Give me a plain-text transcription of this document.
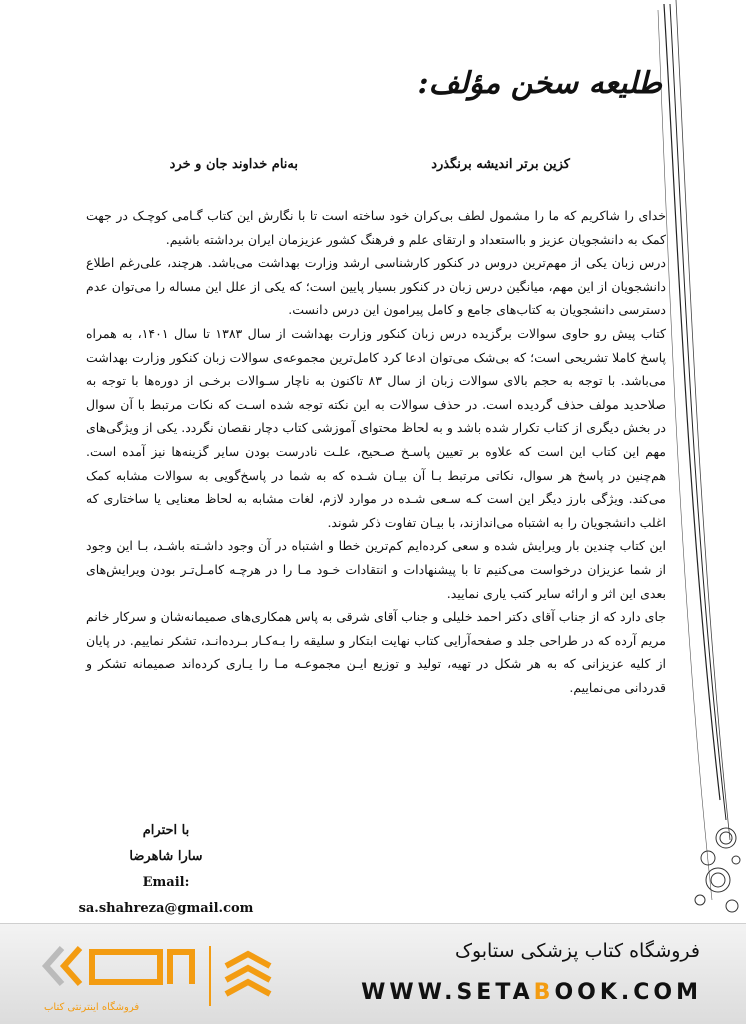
طلیعه سخن مؤلف:
کزین برتر اندیشه برنگذرد
به‌نام خداوند جان و خرد

خدای را شاکریم که ما را مشمول لطف بی‌کران خود ساخته است تا با نگارش این کتاب گـامی کوچـک در جهت کمک به دانشجویان عزیز و بااستعداد و ارتقای علم و فرهنگ کشور عزیزمان ایران برداشته باشیم.

درس زبان یکی از مهم‌ترین دروس در کنکور کارشناسی ارشد وزارت بهداشت می‌باشد. هرچند، علی‌رغم اطلاع دانشجویان از این مهم، میانگین درس زبان در کنکور بسیار پایین است؛ که یکی از علل این مساله را می‌توان عدم دسترسی دانشجویان به کتاب‌های جامع و کامل پیرامون این درس دانست.

کتاب پیش رو حاوی سوالات برگزیده درس زبان کنکور وزارت بهداشت از سال ۱۳۸۳ تا سال ۱۴۰۱، به همراه پاسخ کاملا تشریحی است؛ که بی‌شک می‌توان ادعا کرد کامل‌ترین مجموعه‌ی سوالات زبان کنکور وزارت بهداشت می‌باشد. با توجه به حجم بالای سوالات زبان از سال ۸۳ تاکنون به ناچار سـوالات برخـی از دوره‌ها با توجه به صلاحدید مولف حذف گردیده است. در حذف سوالات به این نکته توجه شده اسـت که نکات مرتبط با آن سوال در بخش دیگری از کتاب تکرار شده باشد و به لحاظ محتوای آموزشی کتاب دچار نقصان نگردد. یکی از ویژگی‌های مهم این کتاب این است که علاوه بر تعیین پاسـخ صـحیح، علـت نادرست بودن سایر گزینه‌ها نیز آمده است. هم‌چنین در پاسخ هر سوال، نکاتی مرتبط بـا آن بیـان شـده که به شما در پاسخ‌گویی به سوالات مشابه کمک می‌کند. ویژگی بارز دیگر این است کـه سـعی شـده در موارد لازم، لغات مشابه به لحاظ معنایی یا ساختاری که اغلب دانشجویان را به اشتباه می‌اندازند، با بیـان تفاوت ذکر شوند.

این کتاب چندین بار ویرایش شده و سعی کرده‌ایم کم‌ترین خطا و اشتباه در آن وجود داشـته باشـد، بـا این وجود از شما عزیزان درخواست می‌کنیم تا با پیشنهادات و انتقادات خـود مـا را در هرچـه کامـل‌تـر بودن ویرایش‌های بعدی این اثر و ارائه سایر کتب یاری نمایید.

جای دارد که از جناب آقای دکتر احمد خلیلی و جناب آقای شرقی به پاس همکاری‌های صمیمانه‌شان و سرکار خانم مریم آرده که در طراحی جلد و صفحه‌آرایی کتاب نهایت ابتکار و سلیقه را بـه‌کـار بـرده‌انـد، تشکر نماییم. در پایان از کلیه عزیزانی که به هر شکل در تهیه، تولید و توزیع ایـن مجموعـه مـا را یـاری کرده‌اند صمیمانه تشکر و قدردانی می‌نماییم.

با احترام
سارا شاهرضا
Email:
sa.shahreza@gmail.com
فروشگاه اینترنتی کتاب
فروشگاه کتاب پزشکی ستابوک
WWW.SETABOOK.COM
